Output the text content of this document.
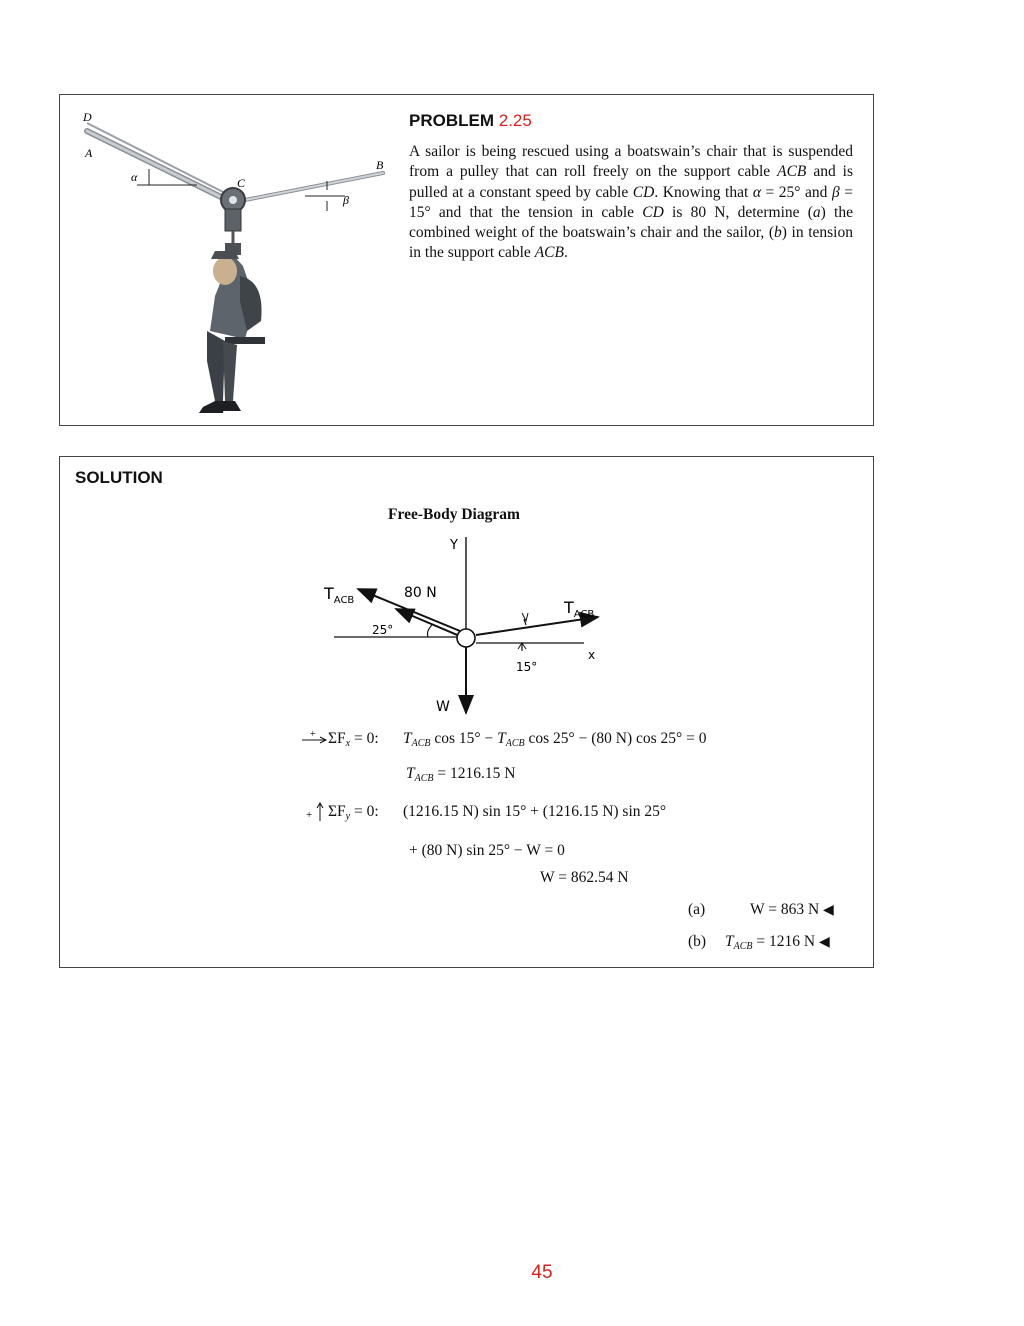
D
A
B
C
α
β
PROBLEM 2.25

A sailor is being rescued using a boatswain’s chair that is suspended from a pulley that can roll freely on the support cable ACB and is pulled at a constant speed by cable CD. Knowing that α = 25° and β = 15° and that the tension in cable CD is 80 N, determine (a) the combined weight of the boatswain’s chair and the sailor, (b) in tension in the support cable ACB.

SOLUTION
Free-Body Diagram
Y
x
W
80 N
$T_{ACB}$	$T_{ACB}$
25°
15°
+ $\Sigma F_x = 0$: $T_{ACB}$ $\cos 15^\circ - T_{ACB}$ cos 25° − (80 N) cos 25° = 0
$T_{ACB} = 1216.15$ N
+ $\Sigma F_y = 0$: (1216.15 N) sin 15° + (1216.15 N) sin 25°
+ (80 N) sin 25° − W = 0
W = 862.54 N
(a)	W = 863 N ◀
(b) $T_{ACB} = 1216$ N ◀
45
